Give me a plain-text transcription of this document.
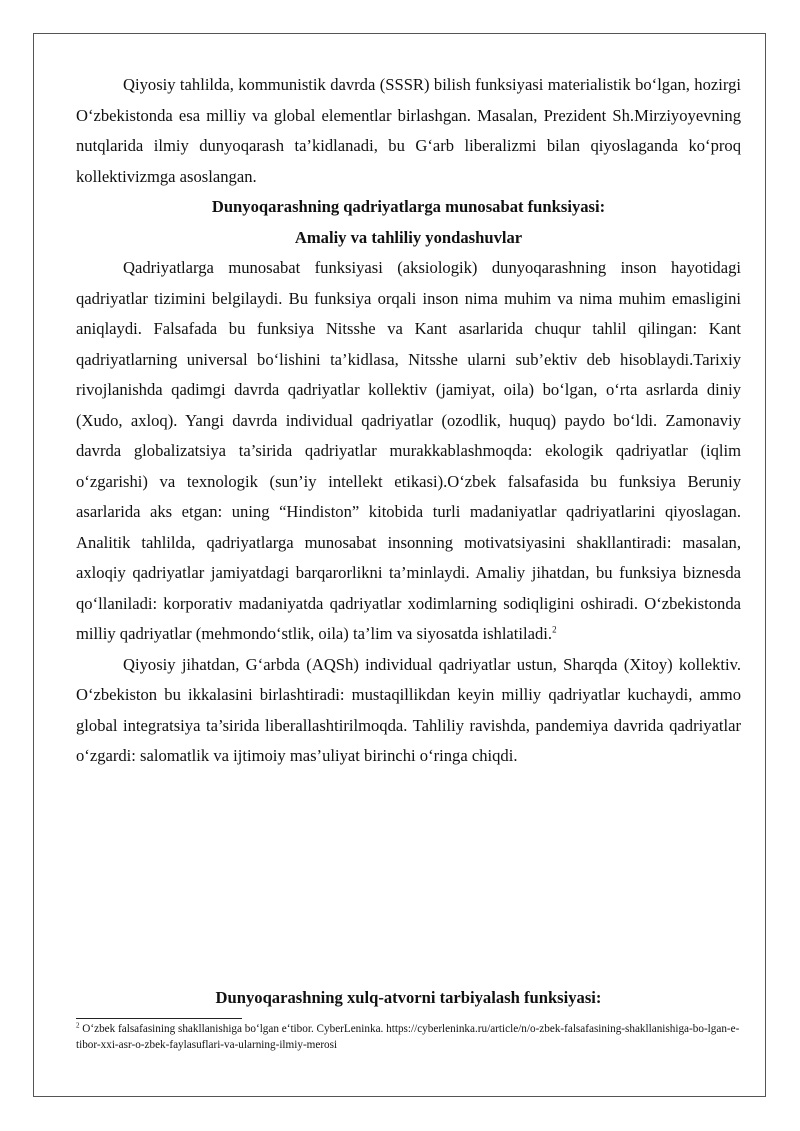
Qiyosiy tahlilda, kommunistik davrda (SSSR) bilish funksiyasi materialistik bo‘lgan, hozirgi O‘zbekistonda esa milliy va global elementlar birlashgan. Masalan, Prezident Sh.Mirziyoyevning nutqlarida ilmiy dunyoqarash ta’kidlanadi, bu G‘arb liberalizmi bilan qiyoslaganda ko‘proq kollektivizmga asoslangan.

Dunyoqarashning qadriyatlarga munosabat funksiyasi:

Amaliy va tahliliy yondashuvlar

Qadriyatlarga munosabat funksiyasi (aksiologik) dunyoqarashning inson hayotidagi qadriyatlar tizimini belgilaydi. Bu funksiya orqali inson nima muhim va nima muhim emasligini aniqlaydi. Falsafada bu funksiya Nitsshe va Kant asarlarida chuqur tahlil qilingan: Kant qadriyatlarning universal bo‘lishini ta’kidlasa, Nitsshe ularni sub’ektiv deb hisoblaydi.Tarixiy rivojlanishda qadimgi davrda qadriyatlar kollektiv (jamiyat, oila) bo‘lgan, o‘rta asrlarda diniy (Xudo, axloq). Yangi davrda individual qadriyatlar (ozodlik, huquq) paydo bo‘ldi. Zamonaviy davrda globalizatsiya ta’sirida qadriyatlar murakkablashmoqda: ekologik qadriyatlar (iqlim o‘zgarishi) va texnologik (sun’iy intellekt etikasi).O‘zbek falsafasida bu funksiya Beruniy asarlarida aks etgan: uning “Hindiston” kitobida turli madaniyatlar qadriyatlarini qiyoslagan. Analitik tahlilda, qadriyatlarga munosabat insonning motivatsiyasini shakllantiradi: masalan, axloqiy qadriyatlar jamiyatdagi barqarorlikni ta’minlaydi. Amaliy jihatdan, bu funksiya biznesda qo‘llaniladi: korporativ madaniyatda qadriyatlar xodimlarning sodiqligini oshiradi. O‘zbekistonda milliy qadriyatlar (mehmondo‘stlik, oila) ta’lim va siyosatda ishlatiladi.$^2$

Qiyosiy jihatdan, G‘arbda (AQSh) individual qadriyatlar ustun, Sharqda (Xitoy) kollektiv. O‘zbekiston bu ikkalasini birlashtiradi: mustaqillikdan keyin milliy qadriyatlar kuchaydi, ammo global integratsiya ta’sirida liberallashtirilmoqda. Tahliliy ravishda, pandemiya davrida qadriyatlar o‘zgardi: salomatlik va ijtimoiy mas’uliyat birinchi o‘ringa chiqdi.

Dunyoqarashning xulq-atvorni tarbiyalash funksiyasi:
$^2$ O‘zbek falsafasining shakllanishiga bo‘lgan e‘tibor. CyberLeninka. https://cyberleninka.ru/article/n/o-zbek-falsafasining-shakllanishiga-bo-lgan-e-tibor-xxi-asr-o-zbek-faylasuflari-va-ularning-ilmiy-merosi
